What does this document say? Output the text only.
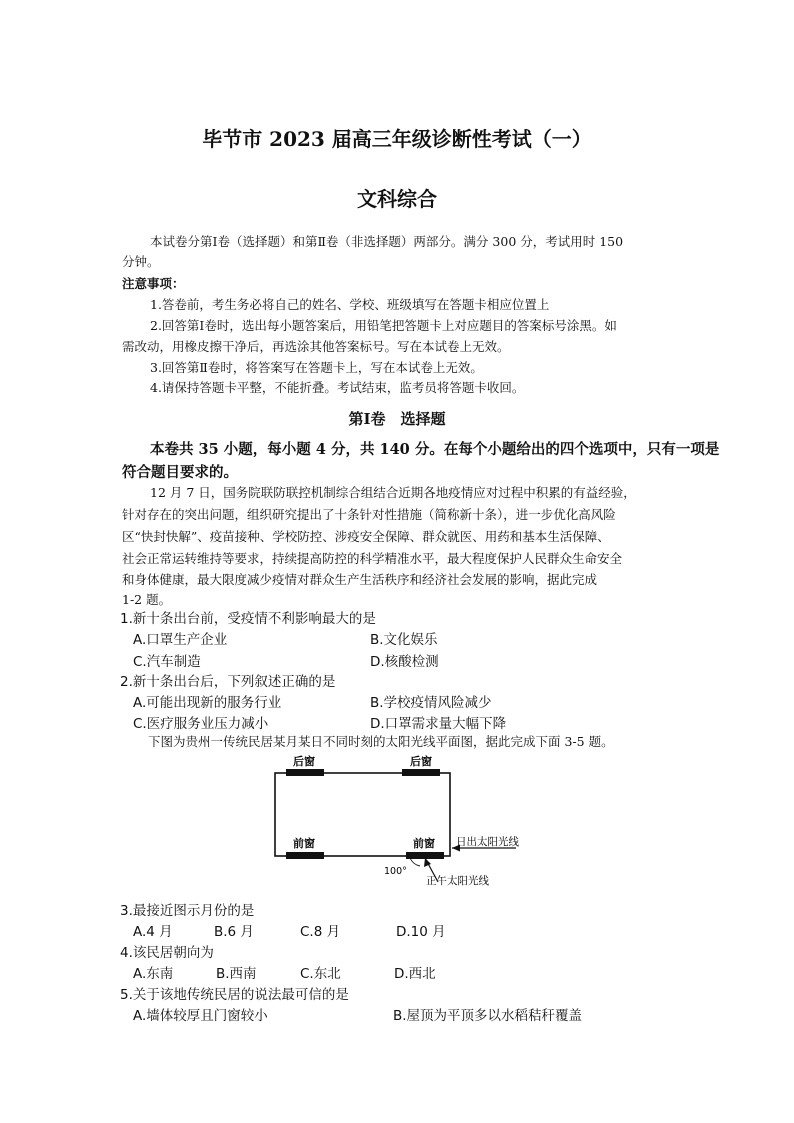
毕节市 2023 届高三年级诊断性考试（一）
文科综合
本试卷分第Ⅰ卷（选择题）和第Ⅱ卷（非选择题）两部分。满分 300 分，考试用时 150
分钟。
注意事项：
1.答卷前，考生务必将自己的姓名、学校、班级填写在答题卡相应位置上
2.回答第Ⅰ卷时，选出每小题答案后，用铅笔把答题卡上对应题目的答案标号涂黑。如
需改动，用橡皮擦干净后，再选涂其他答案标号。写在本试卷上无效。
3.回答第Ⅱ卷时，将答案写在答题卡上，写在本试卷上无效。
4.请保持答题卡平整，不能折叠。考试结束，监考员将答题卡收回。
第Ⅰ卷　选择题
本卷共 35 小题，每小题 4 分，共 140 分。在每个小题给出的四个选项中，只有一项是
符合题目要求的。
12 月 7 日，国务院联防联控机制综合组结合近期各地疫情应对过程中积累的有益经验，
针对存在的突出问题，组织研究提出了十条针对性措施（简称新十条），进一步优化高风险
区“快封快解”、疫苗接种、学校防控、涉疫安全保障、群众就医、用药和基本生活保障、
社会正常运转维持等要求，持续提高防控的科学精准水平，最大程度保护人民群众生命安全
和身体健康，最大限度减少疫情对群众生产生活秩序和经济社会发展的影响，据此完成
1-2 题。
1.新十条出台前，受疫情不利影响最大的是
A.口罩生产企业	B.文化娱乐
C.汽车制造	D.核酸检测
2.新十条出台后，下列叙述正确的是
A.可能出现新的服务行业	B.学校疫情风险减少
C.医疗服务业压力减小	D.口罩需求量大幅下降
下图为贵州一传统民居某月某日不同时刻的太阳光线平面图，据此完成下面 3-5 题。
后窗	后窗
前窗	前窗 日出太阳光线
正午太阳光线
100°
3.最接近图示月份的是
A.4 月	B.6 月	C.8 月	D.10 月
4.该民居朝向为
A.东南	B.西南	C.东北	D.西北
5.关于该地传统民居的说法最可信的是
A.墙体较厚且门窗较小	B.屋顶为平顶多以水稻秸秆覆盖
